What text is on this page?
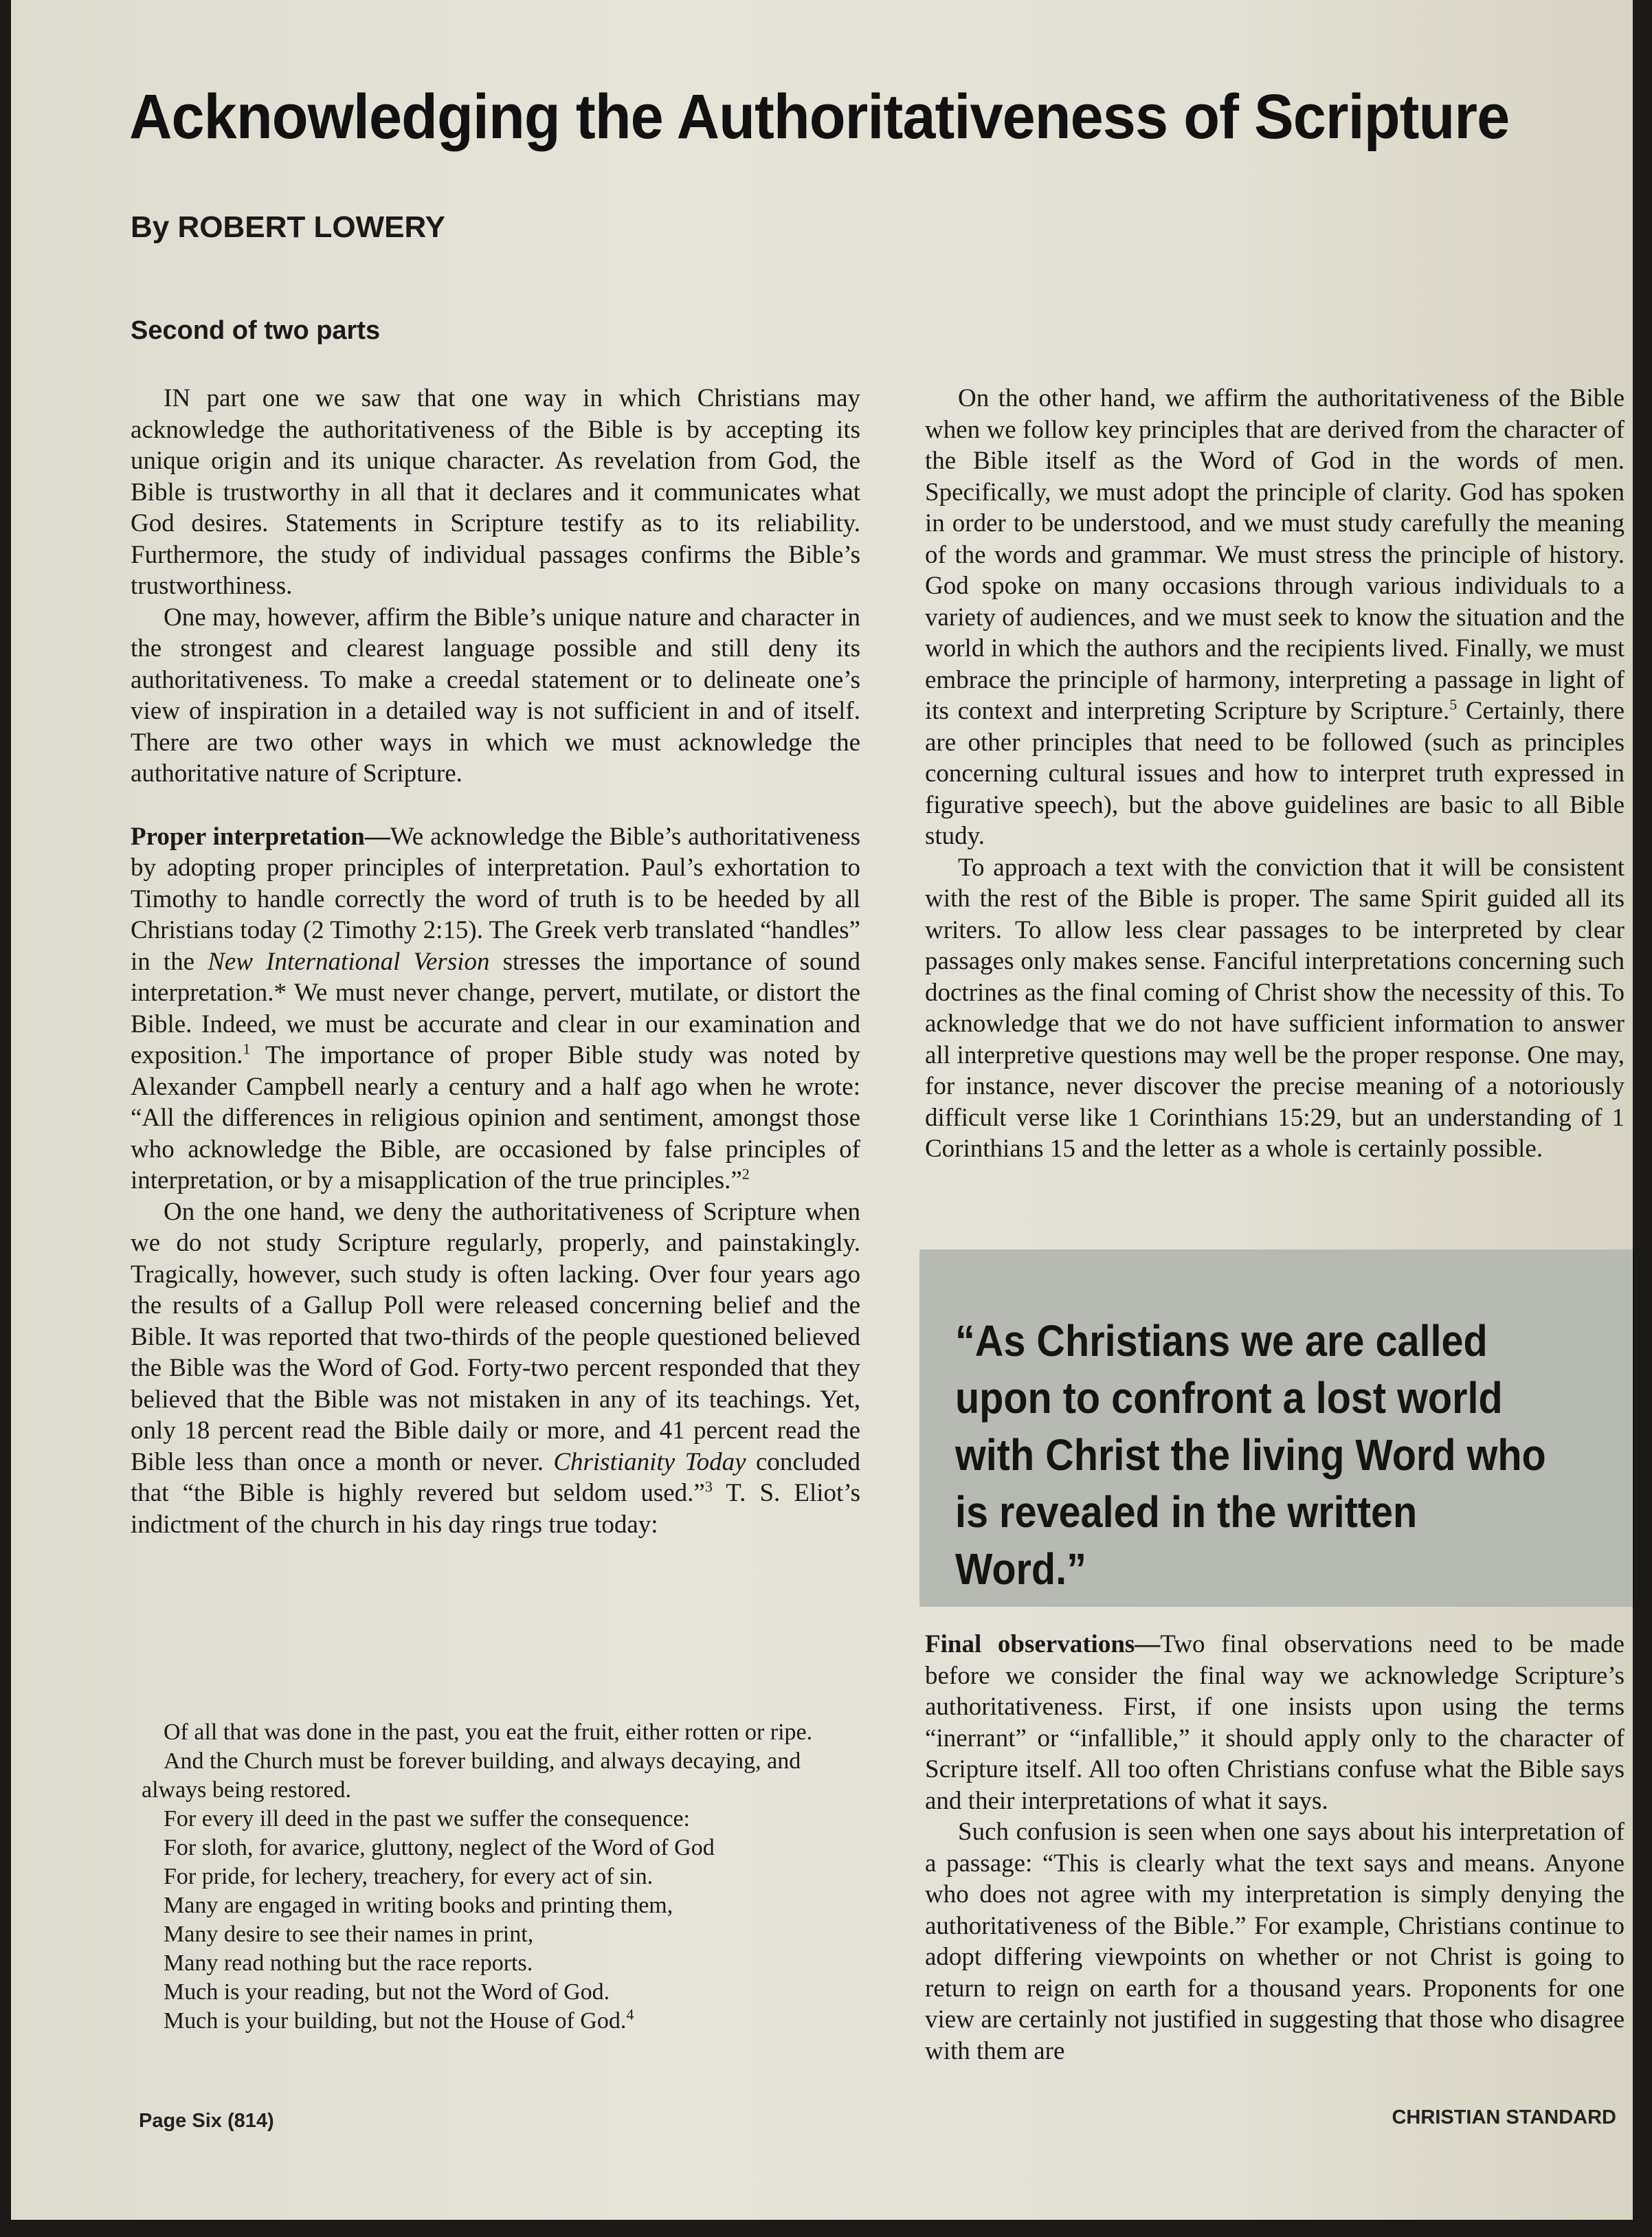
Acknowledging the Authoritativeness of Scripture
By ROBERT LOWERY
Second of two parts

IN part one we saw that one way in which Christians may acknowledge the authoritativeness of the Bible is by accepting its unique origin and its unique character. As revelation from God, the Bible is trustworthy in all that it declares and it communicates what God desires. Statements in Scripture testify as to its reliability. Furthermore, the study of individual passages confirms the Bible’s trustworthiness.

One may, however, affirm the Bible’s unique nature and character in the strongest and clearest language possible and still deny its authoritativeness. To make a creedal statement or to delineate one’s view of inspiration in a detailed way is not sufficient in and of itself. There are two other ways in which we must acknowledge the authoritative nature of Scripture.

Proper interpretation—We acknowledge the Bible’s authoritativeness by adopting proper principles of interpretation. Paul’s exhortation to Timothy to handle correctly the word of truth is to be heeded by all Christians today (2 Timothy 2:15). The Greek verb translated “handles” in the New International Version stresses the importance of sound interpretation.* We must never change, pervert, mutilate, or distort the Bible. Indeed, we must be accurate and clear in our examination and exposition.$^1$ The importance of proper Bible study was noted by Alexander Campbell nearly a century and a half ago when he wrote: “All the differences in religious opinion and sentiment, amongst those who acknowledge the Bible, are occasioned by false principles of interpretation, or by a misapplication of the true principles.”$^2$

On the one hand, we deny the authoritativeness of Scripture when we do not study Scripture regularly, properly, and painstakingly. Tragically, however, such study is often lacking. Over four years ago the results of a Gallup Poll were released concerning belief and the Bible. It was reported that two-thirds of the people questioned believed the Bible was the Word of God. Forty-two percent responded that they believed that the Bible was not mistaken in any of its teachings. Yet, only 18 percent read the Bible daily or more, and 41 percent read the Bible less than once a month or never. Christianity Today concluded that “the Bible is highly revered but seldom used.”$^3$ T. S. Eliot’s indictment of the church in his day rings true today:

Of all that was done in the past, you eat the fruit, either rotten or ripe.
And the Church must be forever building, and always decaying, and always being restored.
For every ill deed in the past we suffer the consequence:
For sloth, for avarice, gluttony, neglect of the Word of God
For pride, for lechery, treachery, for every act of sin.
Many are engaged in writing books and printing them,
Many desire to see their names in print,
Many read nothing but the race reports.
Much is your reading, but not the Word of God.
Much is your building, but not the House of God.$^4$

On the other hand, we affirm the authoritativeness of the Bible when we follow key principles that are derived from the character of the Bible itself as the Word of God in the words of men. Specifically, we must adopt the principle of clarity. God has spoken in order to be understood, and we must study carefully the meaning of the words and grammar. We must stress the principle of history. God spoke on many occasions through various individuals to a variety of audiences, and we must seek to know the situation and the world in which the authors and the recipients lived. Finally, we must embrace the principle of harmony, interpreting a passage in light of its context and interpreting Scripture by Scripture.$^5$ Certainly, there are other principles that need to be followed (such as principles concerning cultural issues and how to interpret truth expressed in figurative speech), but the above guidelines are basic to all Bible study.

To approach a text with the conviction that it will be consistent with the rest of the Bible is proper. The same Spirit guided all its writers. To allow less clear passages to be interpreted by clear passages only makes sense. Fanciful interpretations concerning such doctrines as the final coming of Christ show the necessity of this. To acknowledge that we do not have sufficient information to answer all interpretive questions may well be the proper response. One may, for instance, never discover the precise meaning of a notoriously difficult verse like 1 Corinthians 15:29, but an understanding of 1 Corinthians 15 and the letter as a whole is certainly possible.

“As Christians we are called upon to confront a lost world with Christ the living Word who is revealed in the written Word.”

Final observations—Two final observations need to be made before we consider the final way we acknowledge Scripture’s authoritativeness. First, if one insists upon using the terms “inerrant” or “infallible,” it should apply only to the character of Scripture itself. All too often Christians confuse what the Bible says and their interpretations of what it says.

Such confusion is seen when one says about his interpretation of a passage: “This is clearly what the text says and means. Anyone who does not agree with my interpretation is simply denying the authoritativeness of the Bible.” For example, Christians continue to adopt differing viewpoints on whether or not Christ is going to return to reign on earth for a thousand years. Proponents for one view are certainly not justified in suggesting that those who disagree with them are

Page Six (814)	CHRISTIAN STANDARD
